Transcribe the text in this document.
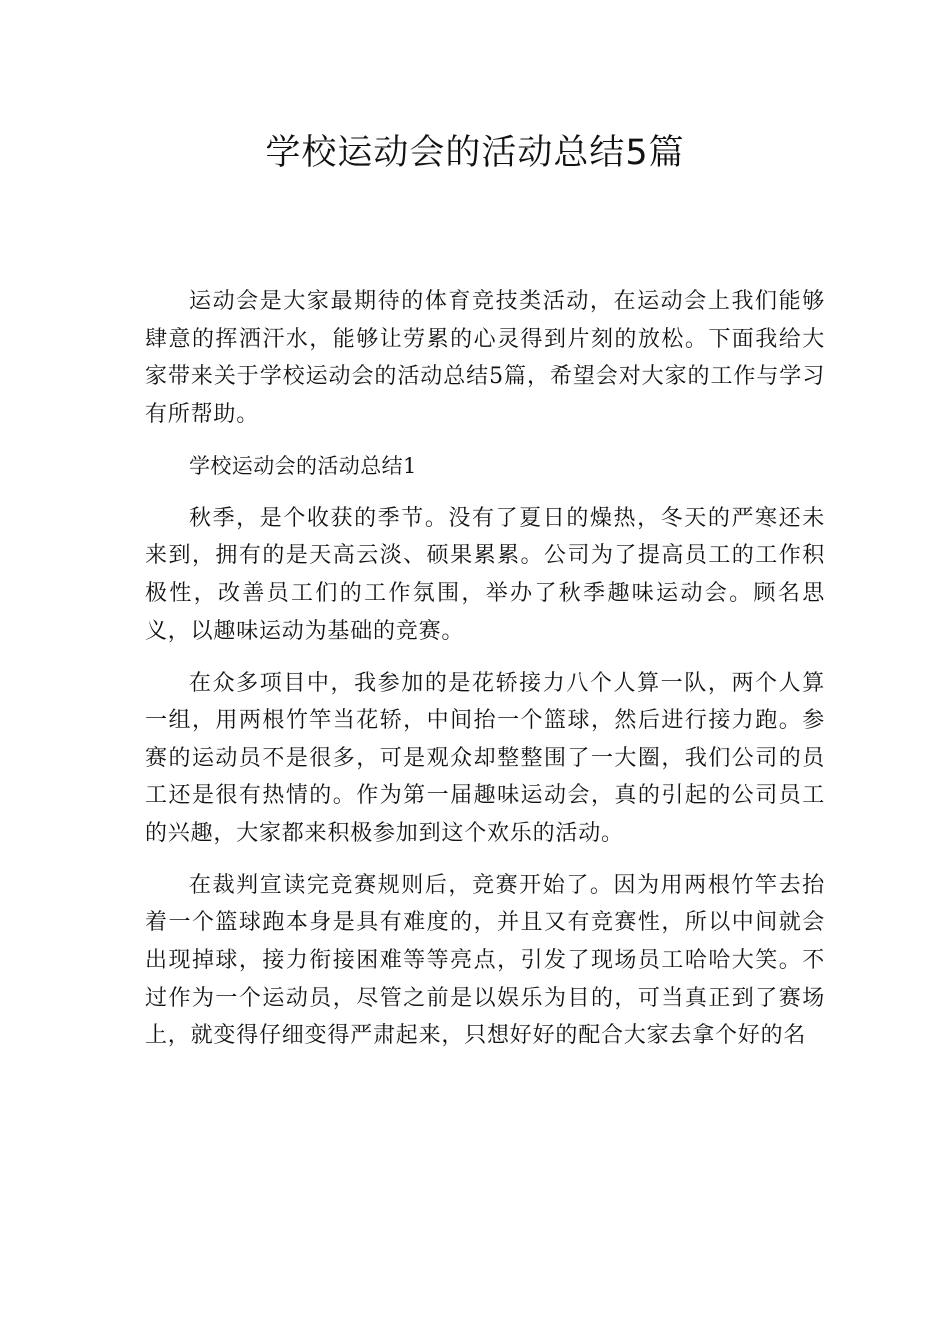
学校运动会的活动总结5篇

运动会是大家最期待的体育竞技类活动，在运动会上我们能够肆意的挥洒汗水，能够让劳累的心灵得到片刻的放松。下面我给大家带来关于学校运动会的活动总结5篇，希望会对大家的工作与学习有所帮助。

学校运动会的活动总结1

秋季，是个收获的季节。没有了夏日的燥热，冬天的严寒还未来到，拥有的是天高云淡、硕果累累。公司为了提高员工的工作积极性，改善员工们的工作氛围，举办了秋季趣味运动会。顾名思义，以趣味运动为基础的竞赛。

在众多项目中，我参加的是花轿接力八个人算一队，两个人算一组，用两根竹竿当花轿，中间抬一个篮球，然后进行接力跑。参赛的运动员不是很多，可是观众却整整围了一大圈，我们公司的员工还是很有热情的。作为第一届趣味运动会，真的引起的公司员工的兴趣，大家都来积极参加到这个欢乐的活动。

在裁判宣读完竞赛规则后，竞赛开始了。因为用两根竹竿去抬着一个篮球跑本身是具有难度的，并且又有竞赛性，所以中间就会出现掉球，接力衔接困难等等亮点，引发了现场员工哈哈大笑。不过作为一个运动员，尽管之前是以娱乐为目的，可当真正到了赛场上，就变得仔细变得严肃起来，只想好好的配合大家去拿个好的名
